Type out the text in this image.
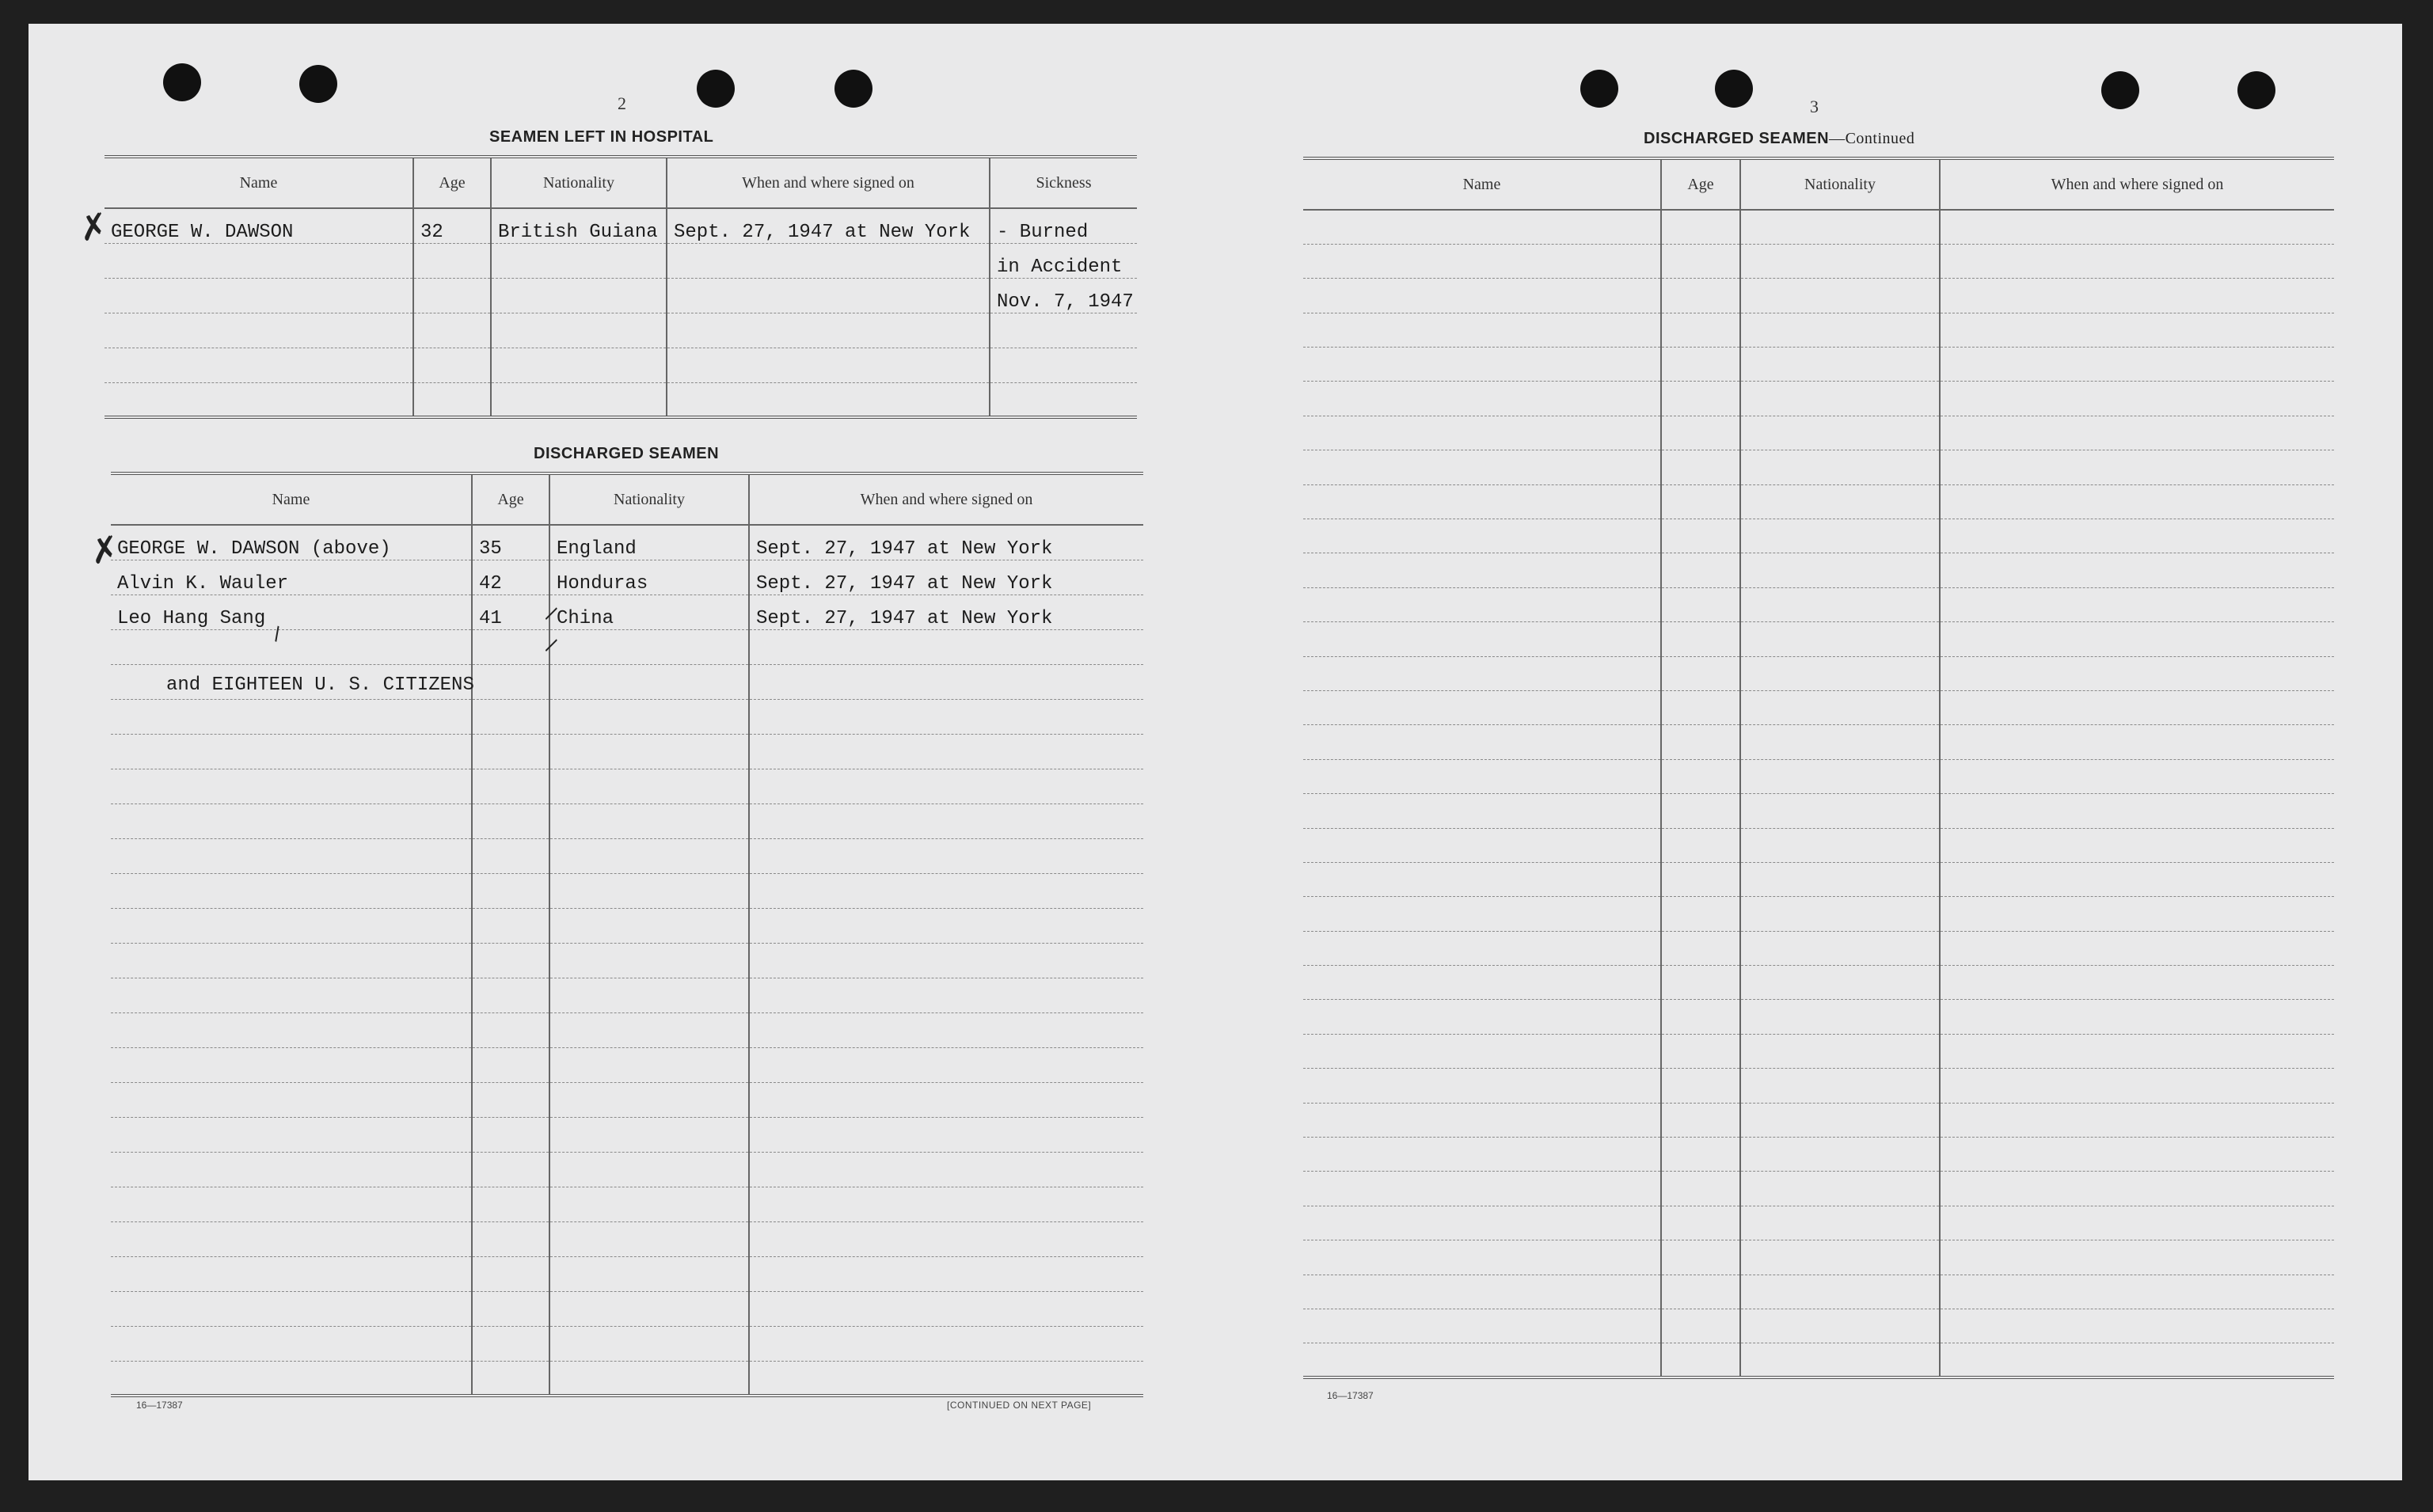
2
SEAMEN LEFT IN HOSPITAL
Name	Age	Nationality	When and where signed on	Sickness
GEORGE W. DAWSON	32	British Guiana	Sept. 27, 1947 at New York	- Burned
				in Accident
				Nov. 7, 1947

DISCHARGED SEAMEN
Name	Age	Nationality	When and where signed on
GEORGE W. DAWSON (above)	35	England	Sept. 27, 1947 at New York
Alvin K. Wauler	42	Honduras	Sept. 27, 1947 at New York
Leo Hang Sang	41	China	Sept. 27, 1947 at New York

and EIGHTEEN U. S. CITIZENS
✗
✗
\
\
\
16—17387	[CONTINUED ON NEXT PAGE]
3
DISCHARGED SEAMEN—Continued
Name	Age	Nationality	When and where signed on

16—17387
